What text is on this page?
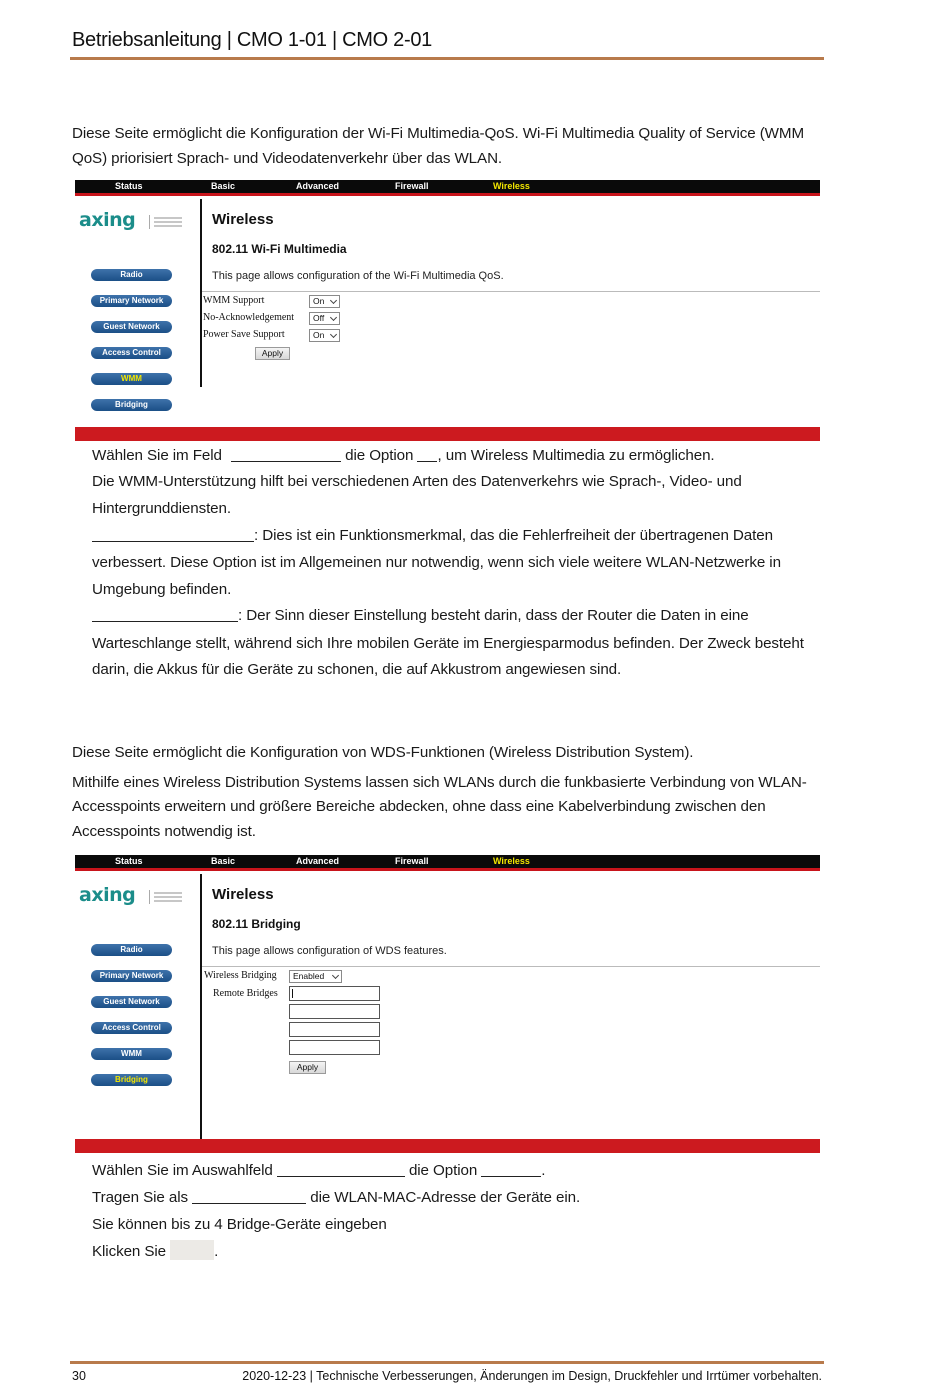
Betriebsanleitung | CMO 1-01 | CMO 2-01
Diese Seite ermöglicht die Konfiguration der Wi-Fi Multimedia-QoS. Wi-Fi Multimedia Quality of Service (WMM
QoS) priorisiert Sprach- und Videodatenverkehr über das WLAN.
Status	Basic	Advanced	Firewall	Wireless
axing
Radio
Primary Network
Guest Network
Access Control
WMM
Bridging
Wireless
802.11 Wi-Fi Multimedia
This page allows configuration of the Wi-Fi Multimedia QoS.
WMM Support	On
No-Acknowledgement	Off
Power Save Support	On
Apply
Wählen Sie im Feld	die Option , um Wireless Multimedia zu ermöglichen.
Die WMM-Unterstützung hilft bei verschiedenen Arten des Datenverkehrs wie Sprach-, Video- und
Hintergrunddiensten.
: Dies ist ein Funktionsmerkmal, das die Fehlerfreiheit der übertragenen Daten
verbessert. Diese Option ist im Allgemeinen nur notwendig, wenn sich viele weitere WLAN-Netzwerke in
Umgebung befinden.
: Der Sinn dieser Einstellung besteht darin, dass der Router die Daten in eine
Warteschlange stellt, während sich Ihre mobilen Geräte im Energiesparmodus befinden. Der Zweck besteht
darin, die Akkus für die Geräte zu schonen, die auf Akkustrom angewiesen sind.
Diese Seite ermöglicht die Konfiguration von WDS-Funktionen (Wireless Distribution System).
Mithilfe eines Wireless Distribution Systems lassen sich WLANs durch die funkbasierte Verbindung von WLAN-
Accesspoints erweitern und größere Bereiche abdecken, ohne dass eine Kabelverbindung zwischen den
Accesspoints notwendig ist.
Status	Basic	Advanced	Firewall	Wireless
axing
Radio
Primary Network
Guest Network
Access Control
WMM
Bridging
Wireless
802.11 Bridging
This page allows configuration of WDS features.
Wireless Bridging	Enabled
Remote Bridges
Apply
Wählen Sie im Auswahlfeld	die Option	.
Tragen Sie als	die WLAN-MAC-Adresse der Geräte ein.
Sie können bis zu 4 Bridge-Geräte eingeben
Klicken Sie	.
30	2020-12-23 | Technische Verbesserungen, Änderungen im Design, Druckfehler und Irrtümer vorbehalten.
